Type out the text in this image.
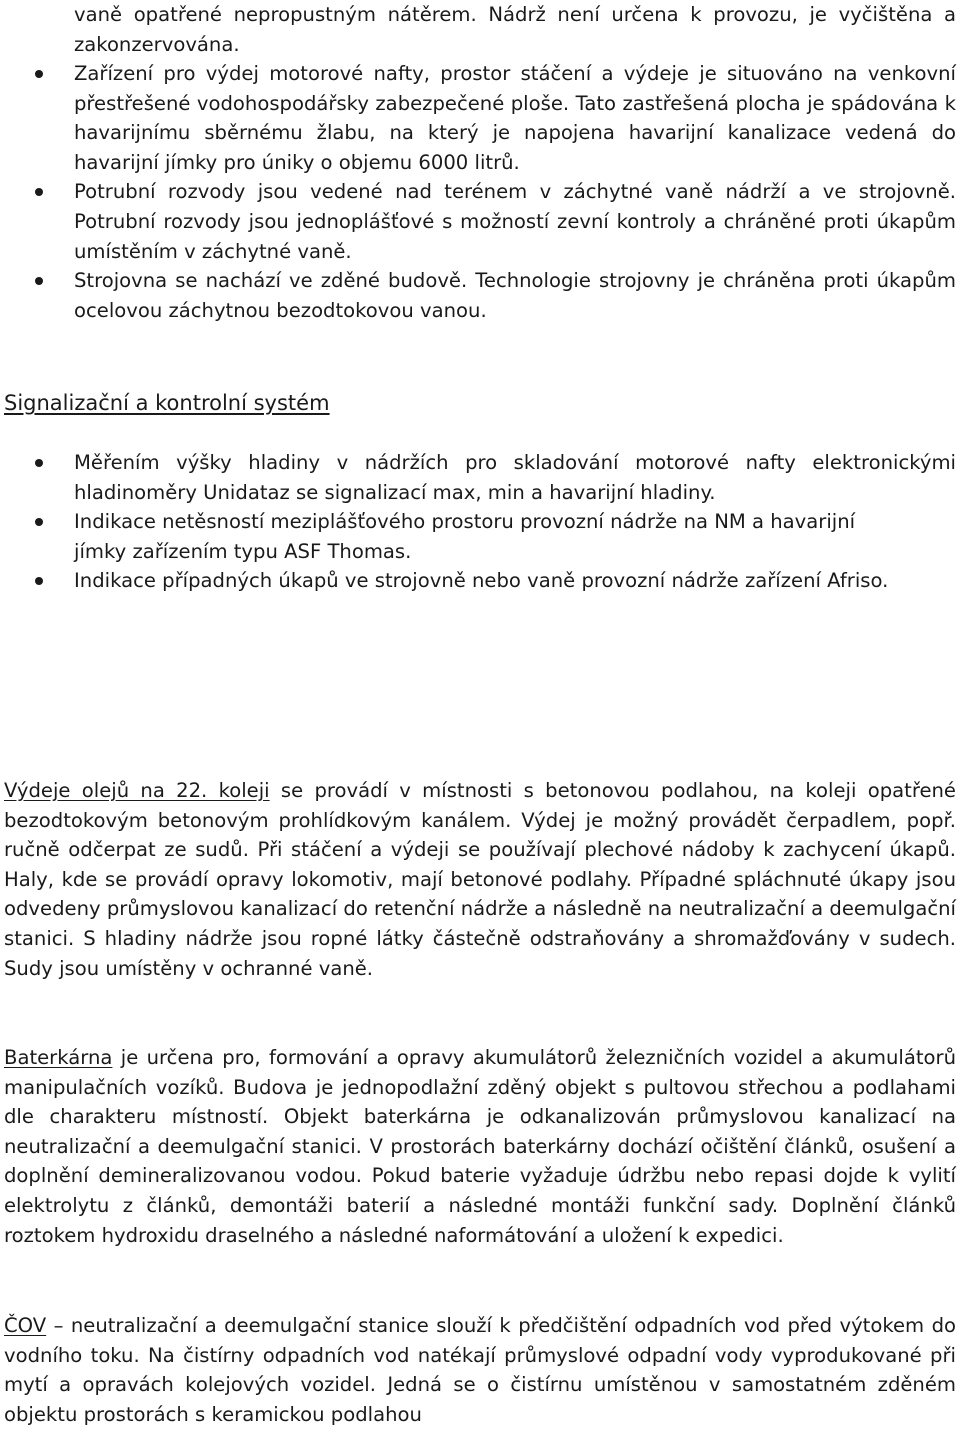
vaně opatřené nepropustným nátěrem. Nádrž není určena k provozu, je vyčištěna a zakonzervována.
Zařízení pro výdej motorové nafty, prostor stáčení a výdeje je situováno na venkovní přestřešené vodohospodářsky zabezpečené ploše. Tato zastřešená plocha je spádována k havarijnímu sběrnému žlabu, na který je napojena havarijní kanalizace vedená do havarijní jímky pro úniky o objemu 6000 litrů.
Potrubní rozvody jsou vedené nad terénem v záchytné vaně nádrží a ve strojovně. Potrubní rozvody jsou jednoplášťové s možností zevní kontroly a chráněné proti úkapům umístěním v záchytné vaně.
Strojovna se nachází ve zděné budově. Technologie strojovny je chráněna proti úkapům ocelovou záchytnou bezodtokovou vanou.
Signalizační a kontrolní systém
Měřením výšky hladiny v nádržích pro skladování motorové nafty elektronickými hladinoměry Unidataz se signalizací max, min a havarijní hladiny.
Indikace netěsností meziplášťového prostoru provozní nádrže na NM a havarijní jímky zařízením typu ASF Thomas.
Indikace případných úkapů ve strojovně nebo vaně provozní nádrže zařízení Afriso.
Výdeje olejů na 22. koleji se provádí v místnosti s betonovou podlahou, na koleji opatřené bezodtokovým betonovým prohlídkovým kanálem. Výdej je možný provádět čerpadlem, popř. ručně odčerpat ze sudů. Při stáčení a výdeji se používají plechové nádoby k zachycení úkapů. Haly, kde se provádí opravy lokomotiv, mají betonové podlahy. Případné spláchnuté úkapy jsou odvedeny průmyslovou kanalizací do retenční nádrže a následně na neutralizační a deemulgační stanici. S hladiny nádrže jsou ropné látky částečně odstraňovány a shromažďovány v sudech. Sudy jsou umístěny v ochranné vaně.
Baterkárna je určena pro, formování a opravy akumulátorů železničních vozidel a akumulátorů manipulačních vozíků. Budova je jednopodlažní zděný objekt s pultovou střechou a podlahami dle charakteru místností. Objekt baterkárna je odkanalizován průmyslovou kanalizací na neutralizační a deemulgační stanici. V prostorách baterkárny dochází očištění článků, osušení a doplnění demineralizovanou vodou. Pokud baterie vyžaduje údržbu nebo repasi dojde k vylití elektrolytu z článků, demontáži baterií a následné montáži funkční sady. Doplnění článků roztokem hydroxidu draselného a následné naformátování a uložení k expedici.
ČOV – neutralizační a deemulgační stanice slouží k předčištění odpadních vod před výtokem do vodního toku. Na čistírny odpadních vod natékají průmyslové odpadní vody vyprodukované při mytí a opravách kolejových vozidel. Jedná se o čistírnu umístěnou v samostatném zděném objektu prostorách s keramickou podlahou
